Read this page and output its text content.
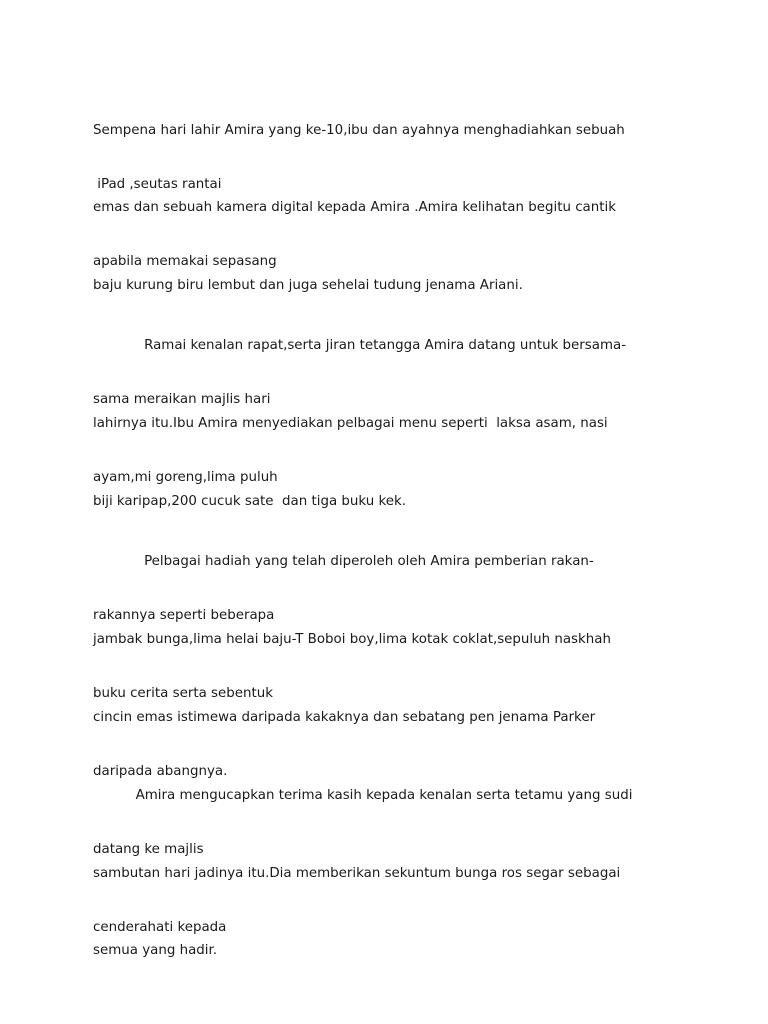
Sempena hari lahir Amira yang ke-10,ibu dan ayahnya menghadiahkan sebuah

iPad ,seutas rantai

emas dan sebuah kamera digital kepada Amira .Amira kelihatan begitu cantik

apabila memakai sepasang

baju kurung biru lembut dan juga sehelai tudung jenama Ariani.

Ramai kenalan rapat,serta jiran tetangga Amira datang untuk bersama-

sama meraikan majlis hari

lahirnya itu.Ibu Amira menyediakan pelbagai menu seperti  laksa asam, nasi

ayam,mi goreng,lima puluh

biji karipap,200 cucuk sate  dan tiga buku kek.

Pelbagai hadiah yang telah diperoleh oleh Amira pemberian rakan-

rakannya seperti beberapa

jambak bunga,lima helai baju-T Boboi boy,lima kotak coklat,sepuluh naskhah

buku cerita serta sebentuk

cincin emas istimewa daripada kakaknya dan sebatang pen jenama Parker

daripada abangnya.

Amira mengucapkan terima kasih kepada kenalan serta tetamu yang sudi

datang ke majlis

sambutan hari jadinya itu.Dia memberikan sekuntum bunga ros segar sebagai

cenderahati kepada

semua yang hadir.
